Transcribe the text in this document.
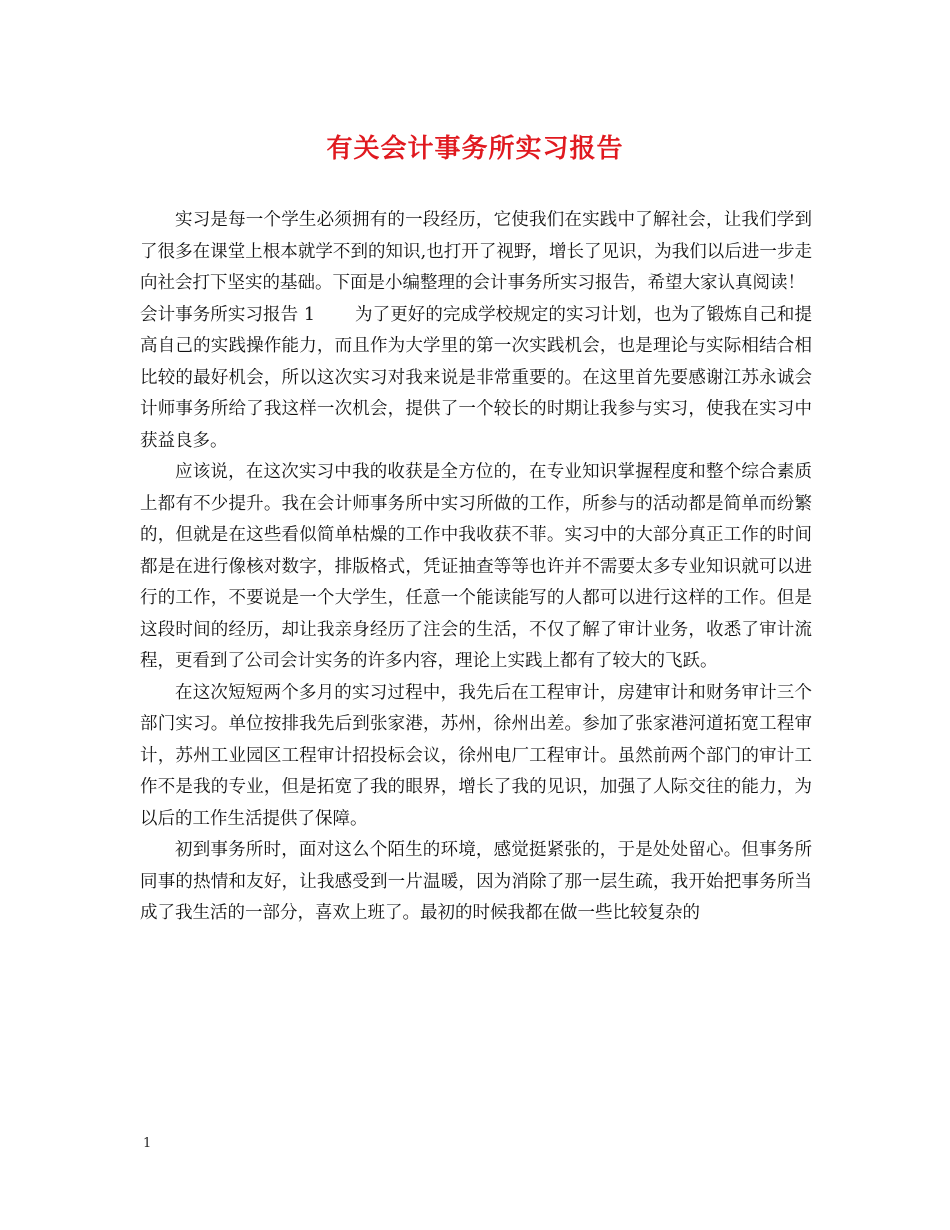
有关会计事务所实习报告

实习是每一个学生必须拥有的一段经历，它使我们在实践中了解社会，让我们学到了很多在课堂上根本就学不到的知识,也打开了视野，增长了见识，为我们以后进一步走向社会打下坚实的基础。下面是小编整理的会计事务所实习报告，希望大家认真阅读！

会计事务所实习报告 1 为了更好的完成学校规定的实习计划，也为了锻炼自己和提高自己的实践操作能力，而且作为大学里的第一次实践机会，也是理论与实际相结合相比较的最好机会，所以这次实习对我来说是非常重要的。在这里首先要感谢江苏永诚会计师事务所给了我这样一次机会，提供了一个较长的时期让我参与实习，使我在实习中获益良多。

应该说，在这次实习中我的收获是全方位的，在专业知识掌握程度和整个综合素质上都有不少提升。我在会计师事务所中实习所做的工作，所参与的活动都是简单而纷繁的，但就是在这些看似简单枯燥的工作中我收获不菲。实习中的大部分真正工作的时间都是在进行像核对数字，排版格式，凭证抽查等等也许并不需要太多专业知识就可以进行的工作，不要说是一个大学生，任意一个能读能写的人都可以进行这样的工作。但是这段时间的经历，却让我亲身经历了注会的生活，不仅了解了审计业务，收悉了审计流程，更看到了公司会计实务的许多内容，理论上实践上都有了较大的飞跃。

在这次短短两个多月的实习过程中，我先后在工程审计，房建审计和财务审计三个部门实习。单位按排我先后到张家港，苏州，徐州出差。参加了张家港河道拓宽工程审计，苏州工业园区工程审计招投标会议，徐州电厂工程审计。虽然前两个部门的审计工作不是我的专业，但是拓宽了我的眼界，增长了我的见识，加强了人际交往的能力，为以后的工作生活提供了保障。

初到事务所时，面对这么个陌生的环境，感觉挺紧张的，于是处处留心。但事务所同事的热情和友好，让我感受到一片温暖，因为消除了那一层生疏，我开始把事务所当成了我生活的一部分，喜欢上班了。最初的时候我都在做一些比较复杂的

1
